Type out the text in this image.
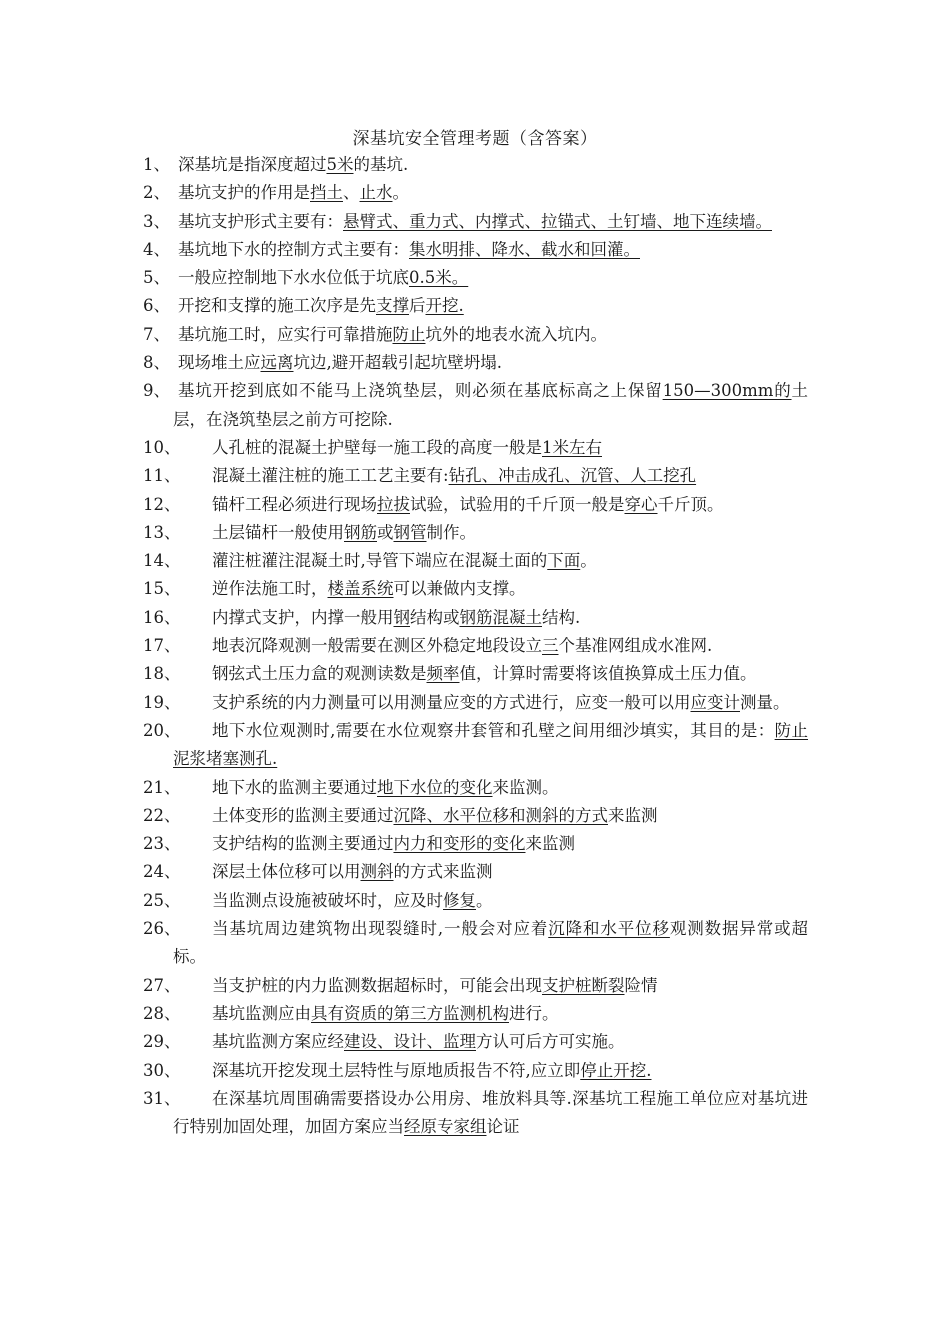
深基坑安全管理考题（含答案）
1、 深基坑是指深度超过5米的基坑.
2、 基坑支护的作用是挡土、止水。
3、 基坑支护形式主要有：悬臂式、重力式、内撑式、拉锚式、土钉墙、地下连续墙。
4、 基坑地下水的控制方式主要有：集水明排、降水、截水和回灌。
5、 一般应控制地下水水位低于坑底0.5米。
6、 开挖和支撑的施工次序是先支撑后开挖.
7、 基坑施工时，应实行可靠措施防止坑外的地表水流入坑内。
8、 现场堆土应远离坑边,避开超载引起坑壁坍塌.
9、 基坑开挖到底如不能马上浇筑垫层，则必须在基底标高之上保留150—300mm的土层，在浇筑垫层之前方可挖除.
10、 人孔桩的混凝土护壁每一施工段的高度一般是1米左右
11、 混凝土灌注桩的施工工艺主要有:钻孔、冲击成孔、沉管、人工挖孔
12、 锚杆工程必须进行现场拉拔试验，试验用的千斤顶一般是穿心千斤顶。
13、 土层锚杆一般使用钢筋或钢管制作。
14、 灌注桩灌注混凝土时,导管下端应在混凝土面的下面。
15、 逆作法施工时，楼盖系统可以兼做内支撑。
16、 内撑式支护，内撑一般用钢结构或钢筋混凝土结构.
17、 地表沉降观测一般需要在测区外稳定地段设立三个基准网组成水准网.
18、 钢弦式土压力盒的观测读数是频率值，计算时需要将该值换算成土压力值。
19、 支护系统的内力测量可以用测量应变的方式进行，应变一般可以用应变计测量。
20、 地下水位观测时,需要在水位观察井套管和孔壁之间用细沙填实，其目的是：防止泥浆堵塞测孔.
21、 地下水的监测主要通过地下水位的变化来监测。
22、 土体变形的监测主要通过沉降、水平位移和测斜的方式来监测
23、 支护结构的监测主要通过内力和变形的变化来监测
24、 深层土体位移可以用测斜的方式来监测
25、 当监测点设施被破坏时，应及时修复。
26、 当基坑周边建筑物出现裂缝时,一般会对应着沉降和水平位移观测数据异常或超标。
27、 当支护桩的内力监测数据超标时，可能会出现支护桩断裂险情
28、 基坑监测应由具有资质的第三方监测机构进行。
29、 基坑监测方案应经建设、设计、监理方认可后方可实施。
30、 深基坑开挖发现土层特性与原地质报告不符,应立即停止开挖.
31、 在深基坑周围确需要搭设办公用房、堆放料具等.深基坑工程施工单位应对基坑进行特别加固处理，加固方案应当经原专家组论证
